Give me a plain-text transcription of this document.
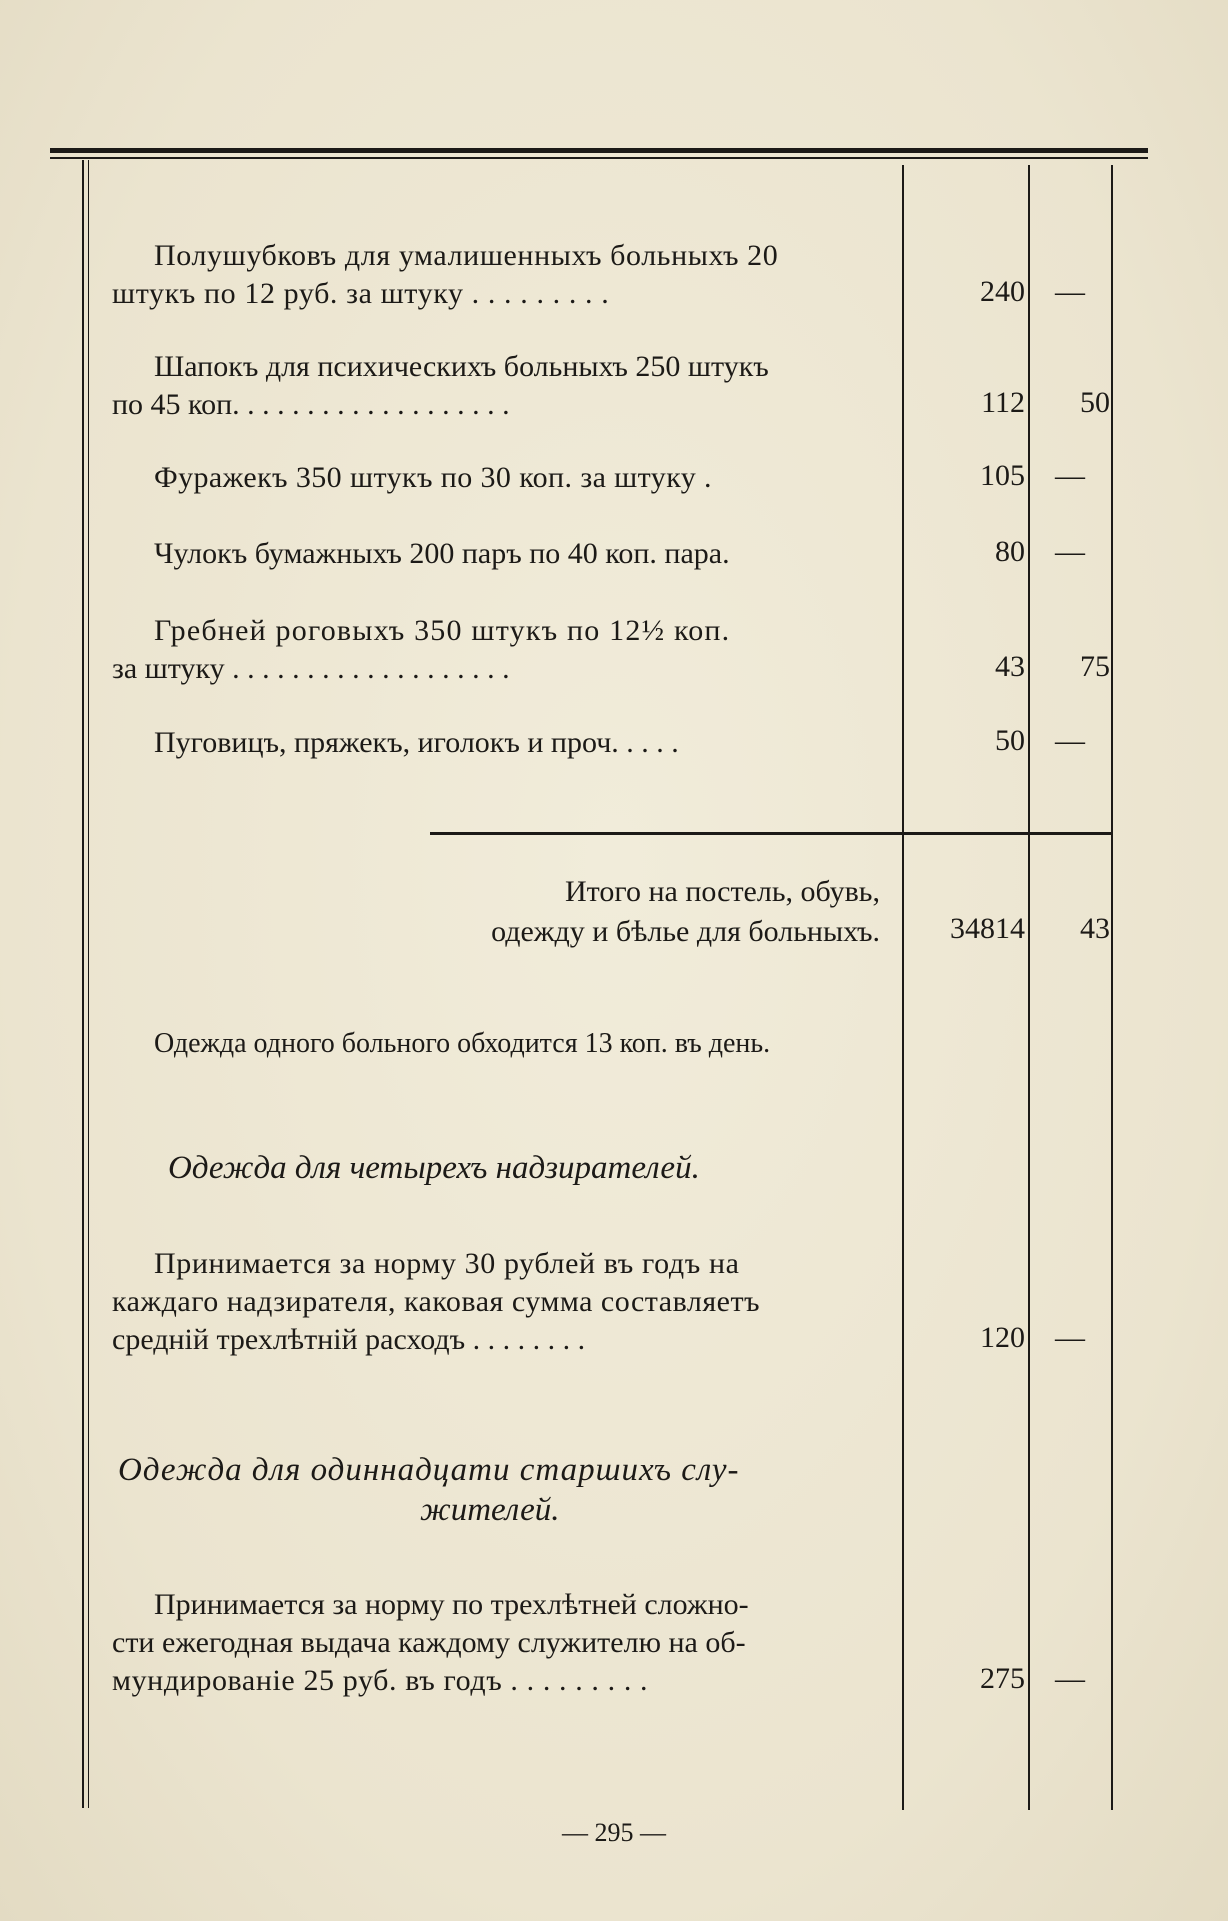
Полушубковъ для умалишенныхъ больныхъ 20
штукъ по 12 руб. за штуку . . . . . . . . .	240 —
Шапокъ для психическихъ больныхъ 250 штукъ
по 45 коп. . . . . . . . . . . . . . . . . . .	112	50
Фуражекъ 350 штукъ по 30 коп. за штуку .	105 —
Чулокъ бумажныхъ 200 паръ по 40 коп. пара.	80 —
Гребней роговыхъ 350 штукъ по 12½ коп.
за штуку . . . . . . . . . . . . . . . . . . .	43	75
Пуговицъ, пряжекъ, иголокъ и проч. . . . .	50 —
Итого на постель, обувь,
одежду и бѣлье для больныхъ.	34814	43
Одежда одного больного обходится 13 коп. въ день.
Одежда для четырехъ надзирателей.
Принимается за норму 30 рублей въ годъ на
каждаго надзирателя, каковая сумма составляетъ
средній трехлѣтній расходъ . . . . . . . .	120 —
Одежда для одиннадцати старшихъ слу-
жителей.
Принимается за норму по трехлѣтней сложно-
сти ежегодная выдача каждому служителю на об-
мундированіе 25 руб. въ годъ . . . . . . . . .	275 —
— 295 —
